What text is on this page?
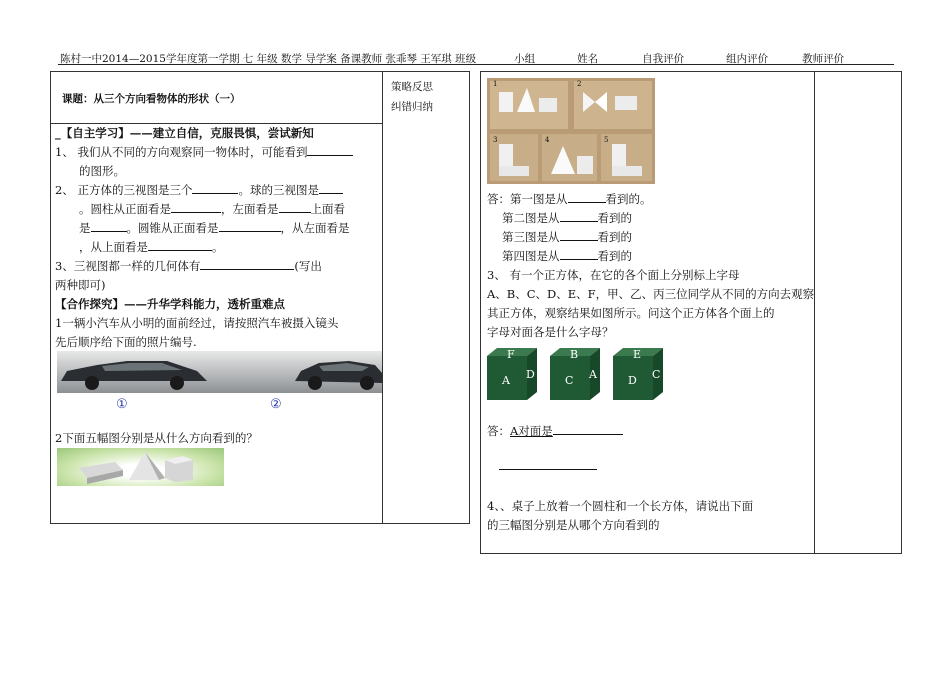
陈村一中2014—2015学年度第一学期 七 年级 数学 导学案 备课教师 张乖琴 王军琪 班级	小组	姓名	自我评价	组内评价	教师评价
课题：从三个方向看物体的形状（一）
策略反思
纠错归纳
_【自主学习】——建立自信，克服畏惧，尝试新知
1、 我们从不同的方向观察同一物体时，可能看到
的图形。
2、 正方体的三视图是三个	。球的三视图是
。圆柱从正面看是	，左面看是	上面看
是	。圆锥从正面看是	，从左面看是
，从上面看是	。
3、三视图都一样的几何体有	(写出
两种即可)
【合作探究】——升华学科能力，透析重难点
1一辆小汽车从小明的面前经过，请按照汽车被摄入镜头
先后顺序给下面的照片编号.
①	②
2下面五幅图分别是从什么方向看到的？
1	2
3	4	5
答：第一图是从	看到的。
第二图是从	看到的
第三图是从	看到的
第四图是从	看到的
3、 有一个正方体，在它的各个面上分别标上字母
A、B、C、D、E、F，甲、乙、丙三位同学从不同的方向去观察
其正方体，观察结果如图所示。问这个正方体各个面上的
字母对面各是什么字母？
F
A D
B
C A
E
D C
答：A对面是
4、、桌子上放着一个圆柱和一个长方体，请说出下面
的三幅图分别是从哪个方向看到的
